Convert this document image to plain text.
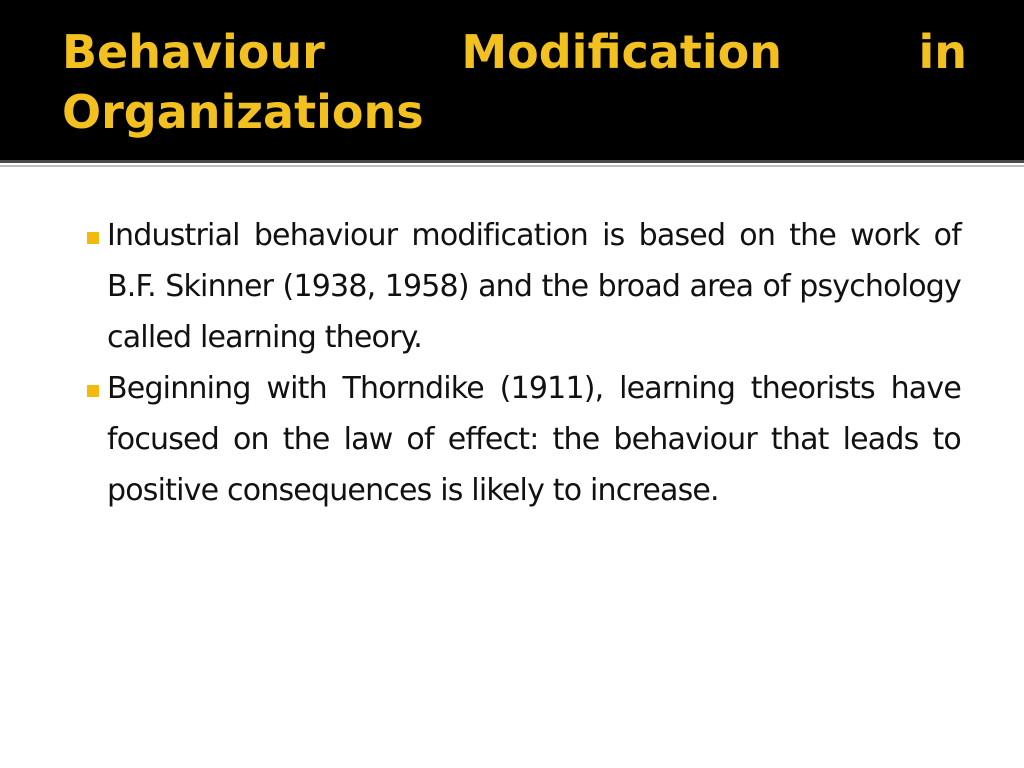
Behaviour Modification in Organizations
Industrial behaviour modification is based on the work of B.F. Skinner (1938, 1958) and the broad area of psychology called learning theory.
Beginning with Thorndike (1911), learning theorists have focused on the law of effect: the behaviour that leads to positive consequences is likely to increase.
